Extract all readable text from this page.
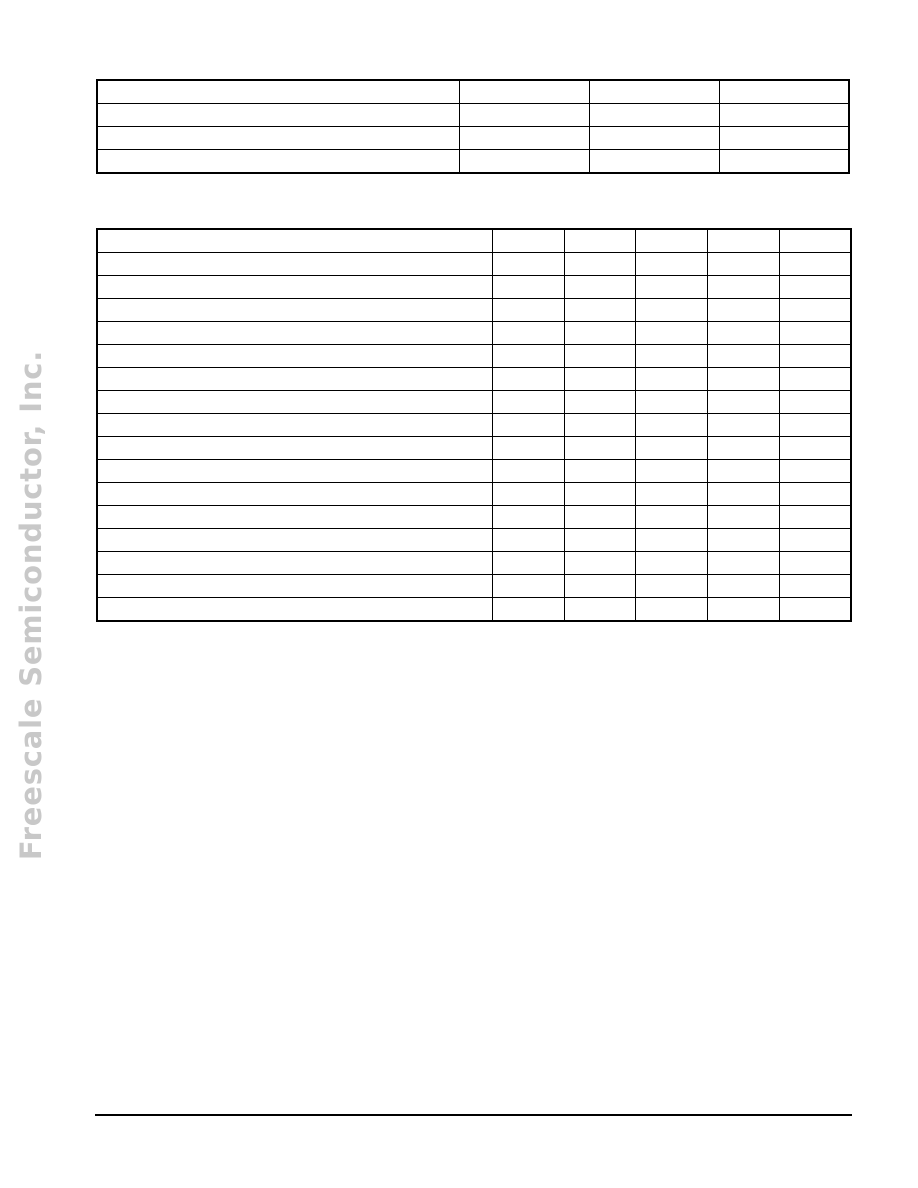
Freescale Semiconductor, Inc.
